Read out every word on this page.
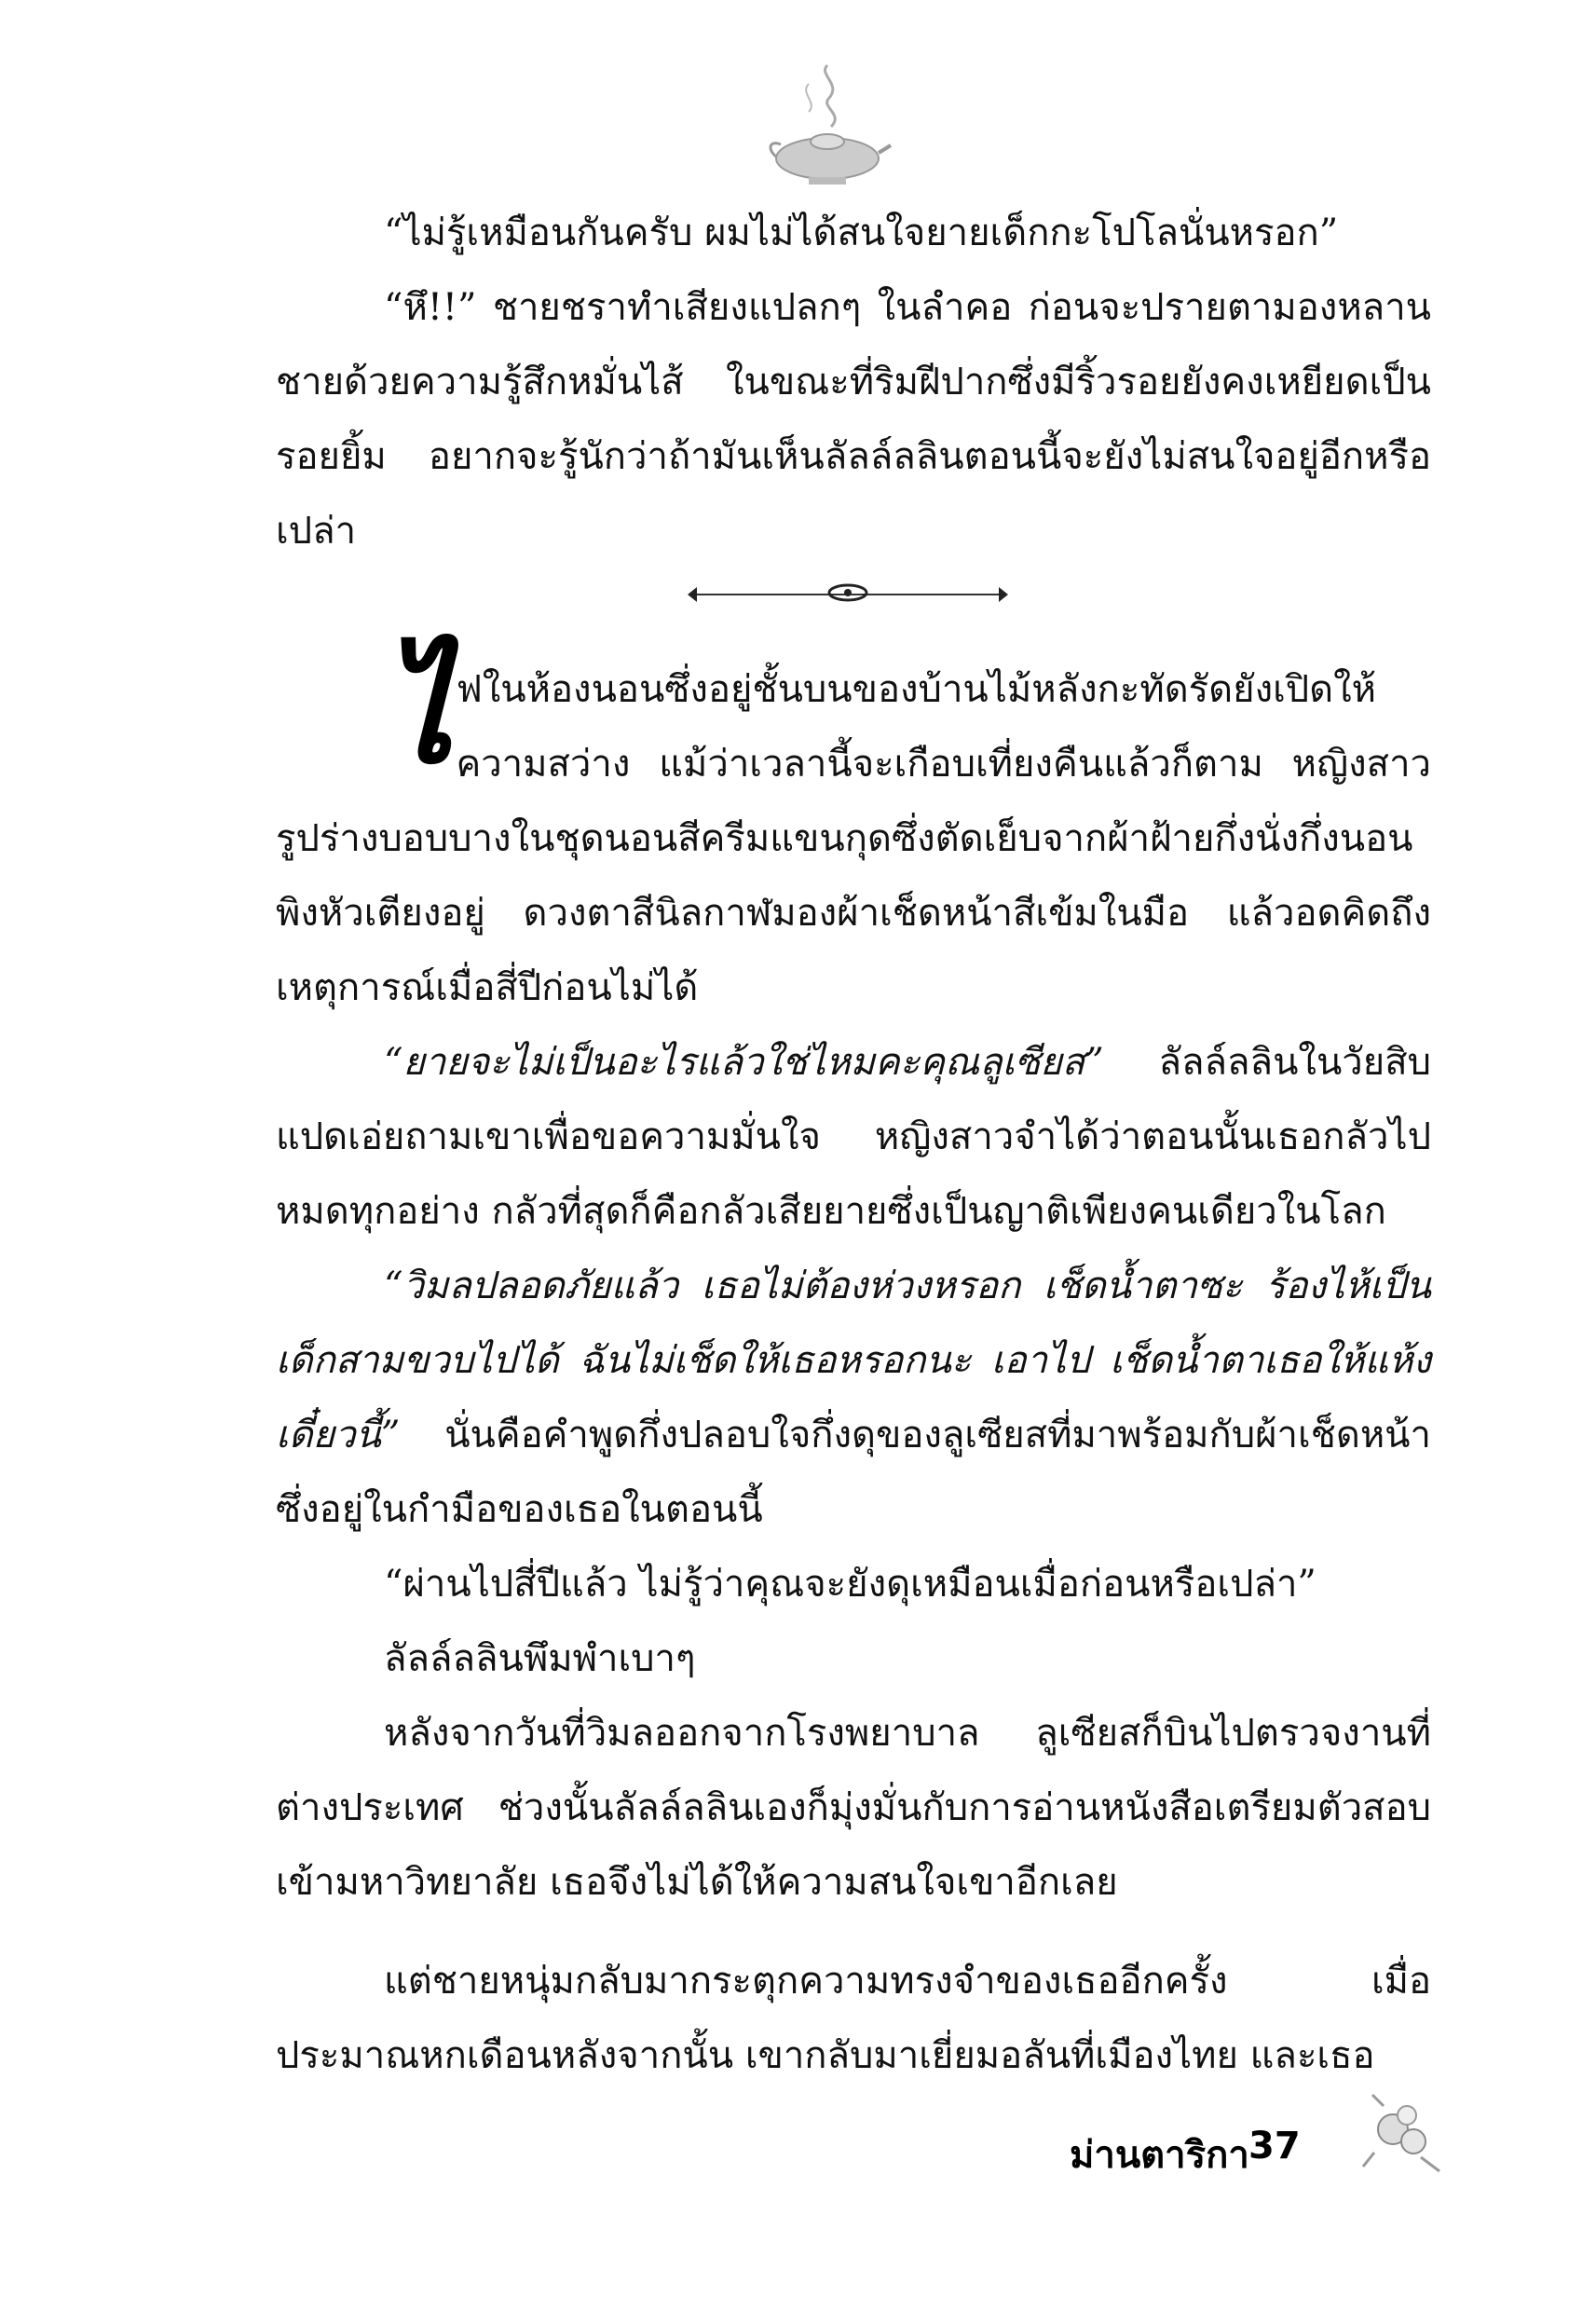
“ไม่รู้เหมือนกันครับ ผมไม่ได้สนใจยายเด็กกะโปโลนั่นหรอก”

“หึ!!” ชายชราทำเสียงแปลกๆ ในลำคอ ก่อนจะปรายตามองหลานชายด้วยความรู้สึกหมั่นไส้ ในขณะที่ริมฝีปากซึ่งมีริ้วรอยยังคงเหยียดเป็นรอยยิ้ม อยากจะรู้นักว่าถ้ามันเห็นลัลล์ลลินตอนนี้จะยังไม่สนใจอยู่อีกหรือเปล่า

ไ ฟในห้องนอนซึ่งอยู่ชั้นบนของบ้านไม้หลังกะทัดรัดยังเปิดให้ความสว่าง แม้ว่าเวลานี้จะเกือบเที่ยงคืนแล้วก็ตาม หญิงสาวรูปร่างบอบบางในชุดนอนสีครีมแขนกุดซึ่งตัดเย็บจากผ้าฝ้ายกึ่งนั่งกึ่งนอนพิงหัวเตียงอยู่ ดวงตาสีนิลกาฬมองผ้าเช็ดหน้าสีเข้มในมือ แล้วอดคิดถึงเหตุการณ์เมื่อสี่ปีก่อนไม่ได้

“ยายจะไม่เป็นอะไรแล้วใช่ไหมคะคุณลูเซียส” ลัลล์ลลินในวัยสิบแปดเอ่ยถามเขาเพื่อขอความมั่นใจ หญิงสาวจำได้ว่าตอนนั้นเธอกลัวไปหมดทุกอย่าง กลัวที่สุดก็คือกลัวเสียยายซึ่งเป็นญาติเพียงคนเดียวในโลก

“วิมลปลอดภัยแล้ว เธอไม่ต้องห่วงหรอก เช็ดน้ำตาซะ ร้องไห้เป็นเด็กสามขวบไปได้ ฉันไม่เช็ดให้เธอหรอกนะ เอาไป เช็ดน้ำตาเธอให้แห้งเดี๋ยวนี้” นั่นคือคำพูดกึ่งปลอบใจกึ่งดุของลูเซียสที่มาพร้อมกับผ้าเช็ดหน้า ซึ่งอยู่ในกำมือของเธอในตอนนี้

“ผ่านไปสี่ปีแล้ว ไม่รู้ว่าคุณจะยังดุเหมือนเมื่อก่อนหรือเปล่า”

ลัลล์ลลินพึมพำเบาๆ

หลังจากวันที่วิมลออกจากโรงพยาบาล ลูเซียสก็บินไปตรวจงานที่ต่างประเทศ ช่วงนั้นลัลล์ลลินเองก็มุ่งมั่นกับการอ่านหนังสือเตรียมตัวสอบเข้ามหาวิทยาลัย เธอจึงไม่ได้ให้ความสนใจเขาอีกเลย

แต่ชายหนุ่มกลับมากระตุกความทรงจำของเธออีกครั้ง เมื่อประมาณหกเดือนหลังจากนั้น เขากลับมาเยี่ยมอลันที่เมืองไทย และเธอ

ม่านตาริกา 37
